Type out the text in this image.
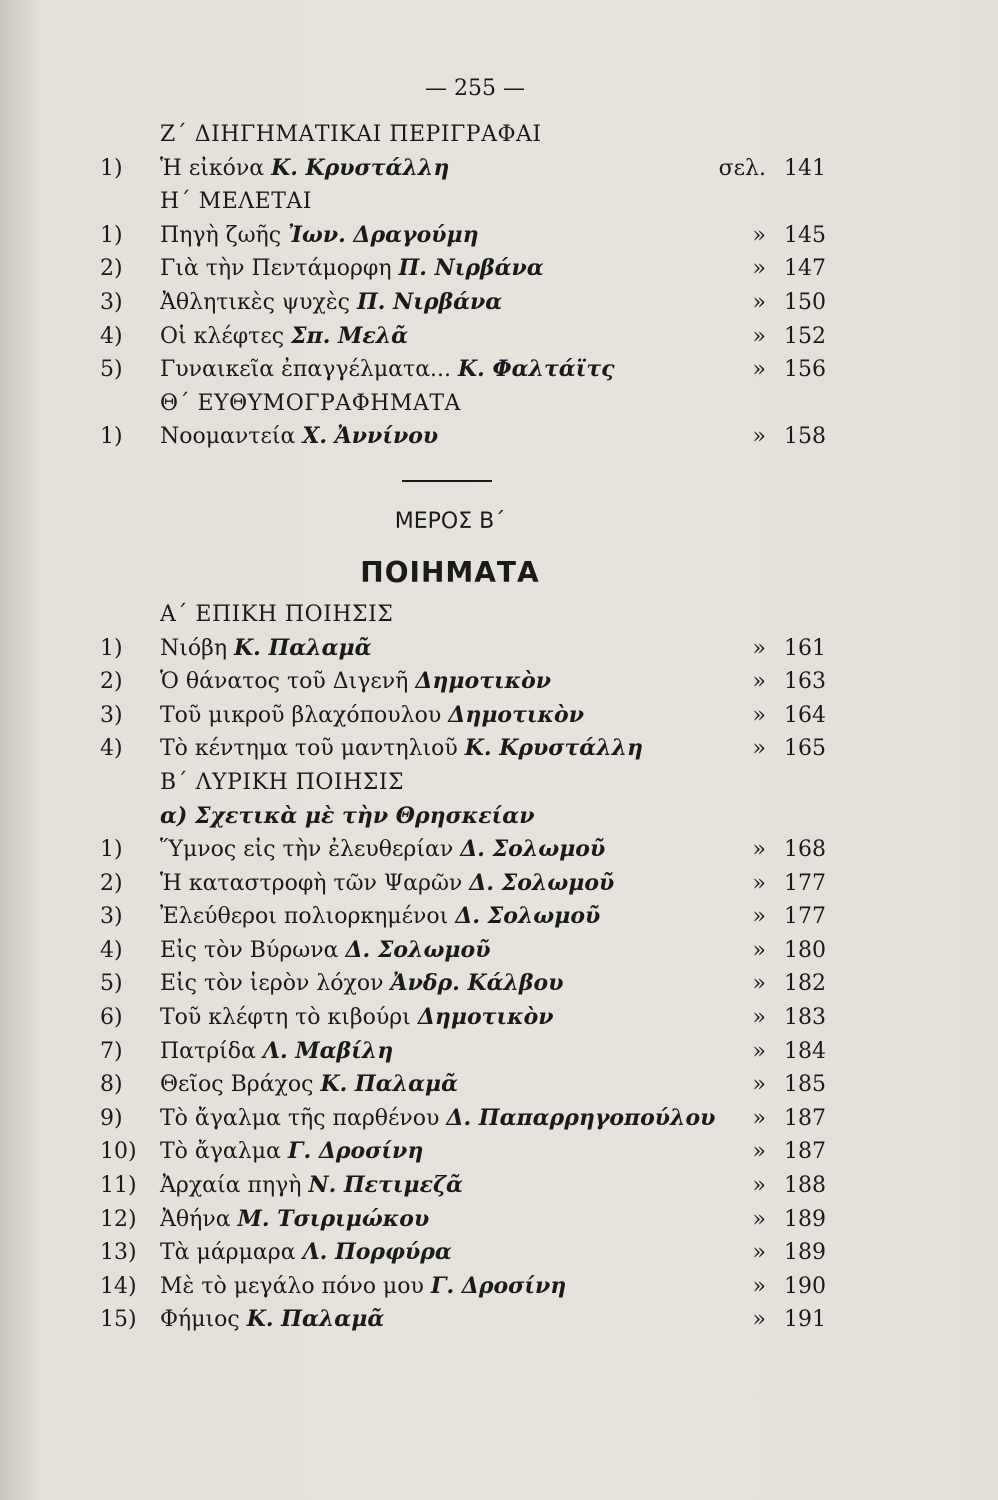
— 255 —
Ζ΄ ΔΙΗΓΗΜΑΤΙΚΑΙ ΠΕΡΙΓΡΑΦΑΙ
1)	Ἡ εἰκόνα Κ. Κρυστάλλη	σελ. 141
Η΄ ΜΕΛΕΤΑΙ
1)	Πηγὴ ζωῆς Ἰων. Δραγούμη	» 145
2)	Γιὰ τὴν Πεντάμορφη Π. Νιρβάνα	» 147
3)	Ἀθλητικὲς ψυχὲς Π. Νιρβάνα	» 150
4)	Οἱ κλέφτες Σπ. Μελᾶ	» 152
5)	Γυναικεῖα ἐπαγγέλματα... Κ. Φαλτάϊτς	» 156
Θ΄ ΕΥΘΥΜΟΓΡΑΦΗΜΑΤΑ
1)	Νοομαντεία Χ. Ἀννίνου	» 158
ΜΕΡΟΣ Β΄
ΠΟΙΗΜΑΤΑ
Α΄ ΕΠΙΚΗ ΠΟΙΗΣΙΣ
1)	Νιόβη Κ. Παλαμᾶ	» 161
2)	Ὁ θάνατος τοῦ Διγενῆ Δημοτικὸν	» 163
3)	Τοῦ μικροῦ βλαχόπουλου Δημοτικὸν	» 164
4)	Τὸ κέντημα τοῦ μαντηλιοῦ Κ. Κρυστάλλη	» 165
Β΄ ΛΥΡΙΚΗ ΠΟΙΗΣΙΣ
α) Σχετικὰ μὲ τὴν Θρησκείαν
1)	Ὕμνος εἰς τὴν ἐλευθερίαν Δ. Σολωμοῦ	» 168
2)	Ἡ καταστροφὴ τῶν Ψαρῶν Δ. Σολωμοῦ	» 177
3)	Ἐλεύθεροι πολιορκημένοι Δ. Σολωμοῦ	» 177
4)	Εἰς τὸν Βύρωνα Δ. Σολωμοῦ	» 180
5)	Εἰς τὸν ἱερὸν λόχον Ἀνδρ. Κάλβου	» 182
6)	Τοῦ κλέφτη τὸ κιβούρι Δημοτικὸν	» 183
7)	Πατρίδα Λ. Μαβίλη	» 184
8)	Θεῖος Βράχος Κ. Παλαμᾶ	» 185
9)	Τὸ ἄγαλμα τῆς παρθένου Δ. Παπαρρηγοπούλου » 187
10)	Τὸ ἄγαλμα Γ. Δροσίνη	» 187
11)	Ἀρχαία πηγὴ Ν. Πετιμεζᾶ	» 188
12)	Ἀθήνα Μ. Τσιριμώκου	» 189
13)	Τὰ μάρμαρα Λ. Πορφύρα	» 189
14)	Μὲ τὸ μεγάλο πόνο μου Γ. Δροσίνη	» 190
15)	Φήμιος Κ. Παλαμᾶ	» 191
